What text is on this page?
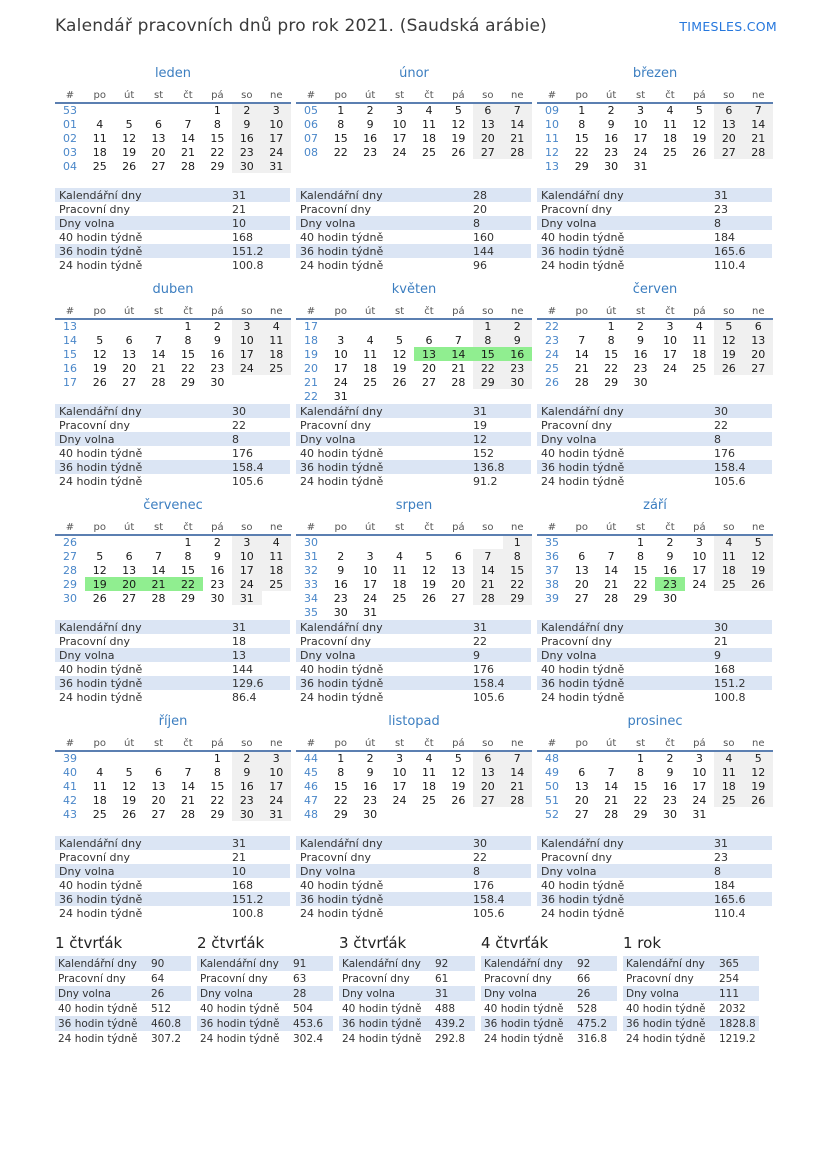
Kalendář pracovních dnů pro rok 2021. (Saudská arábie)	TIMESLES.COM
leden
#	po	út	st	čt	pá	so	ne
53					1	2	3
01	4	5	6	7	8	9	10
02	11	12	13	14	15	16	17
03	18	19	20	21	22	23	24
04	25	26	27	28	29	30	31
Kalendářní dny	31
Pracovní dny	21
Dny volna	10
40 hodin týdně	168
36 hodin týdně	151.2
24 hodin týdně	100.8
únor
#	po	út	st	čt	pá	so	ne
05	1	2	3	4	5	6	7
06	8	9	10	11	12	13	14
07	15	16	17	18	19	20	21
08	22	23	24	25	26	27	28
Kalendářní dny	28
Pracovní dny	20
Dny volna	8
40 hodin týdně	160
36 hodin týdně	144
24 hodin týdně	96
březen
#	po	út	st	čt	pá	so	ne
09	1	2	3	4	5	6	7
10	8	9	10	11	12	13	14
11	15	16	17	18	19	20	21
12	22	23	24	25	26	27	28
13	29	30	31				
Kalendářní dny	31
Pracovní dny	23
Dny volna	8
40 hodin týdně	184
36 hodin týdně	165.6
24 hodin týdně	110.4
duben
#	po	út	st	čt	pá	so	ne
13				1	2	3	4
14	5	6	7	8	9	10	11
15	12	13	14	15	16	17	18
16	19	20	21	22	23	24	25
17	26	27	28	29	30		
Kalendářní dny	30
Pracovní dny	22
Dny volna	8
40 hodin týdně	176
36 hodin týdně	158.4
24 hodin týdně	105.6
květen
#	po	út	st	čt	pá	so	ne
17						1	2
18	3	4	5	6	7	8	9
19	10	11	12	13	14	15	16
20	17	18	19	20	21	22	23
21	24	25	26	27	28	29	30
22	31						
Kalendářní dny	31
Pracovní dny	19
Dny volna	12
40 hodin týdně	152
36 hodin týdně	136.8
24 hodin týdně	91.2
červen
#	po	út	st	čt	pá	so	ne
22		1	2	3	4	5	6
23	7	8	9	10	11	12	13
24	14	15	16	17	18	19	20
25	21	22	23	24	25	26	27
26	28	29	30				
Kalendářní dny	30
Pracovní dny	22
Dny volna	8
40 hodin týdně	176
36 hodin týdně	158.4
24 hodin týdně	105.6
červenec
#	po	út	st	čt	pá	so	ne
26				1	2	3	4
27	5	6	7	8	9	10	11
28	12	13	14	15	16	17	18
29	19	20	21	22	23	24	25
30	26	27	28	29	30	31	
Kalendářní dny	31
Pracovní dny	18
Dny volna	13
40 hodin týdně	144
36 hodin týdně	129.6
24 hodin týdně	86.4
srpen
#	po	út	st	čt	pá	so	ne
30							1
31	2	3	4	5	6	7	8
32	9	10	11	12	13	14	15
33	16	17	18	19	20	21	22
34	23	24	25	26	27	28	29
35	30	31					
Kalendářní dny	31
Pracovní dny	22
Dny volna	9
40 hodin týdně	176
36 hodin týdně	158.4
24 hodin týdně	105.6
září
#	po	út	st	čt	pá	so	ne
35			1	2	3	4	5
36	6	7	8	9	10	11	12
37	13	14	15	16	17	18	19
38	20	21	22	23	24	25	26
39	27	28	29	30			
Kalendářní dny	30
Pracovní dny	21
Dny volna	9
40 hodin týdně	168
36 hodin týdně	151.2
24 hodin týdně	100.8
říjen
#	po	út	st	čt	pá	so	ne
39					1	2	3
40	4	5	6	7	8	9	10
41	11	12	13	14	15	16	17
42	18	19	20	21	22	23	24
43	25	26	27	28	29	30	31
Kalendářní dny	31
Pracovní dny	21
Dny volna	10
40 hodin týdně	168
36 hodin týdně	151.2
24 hodin týdně	100.8
listopad
#	po	út	st	čt	pá	so	ne
44	1	2	3	4	5	6	7
45	8	9	10	11	12	13	14
46	15	16	17	18	19	20	21
47	22	23	24	25	26	27	28
48	29	30					
Kalendářní dny	30
Pracovní dny	22
Dny volna	8
40 hodin týdně	176
36 hodin týdně	158.4
24 hodin týdně	105.6
prosinec
#	po	út	st	čt	pá	so	ne
48			1	2	3	4	5
49	6	7	8	9	10	11	12
50	13	14	15	16	17	18	19
51	20	21	22	23	24	25	26
52	27	28	29	30	31		
Kalendářní dny	31
Pracovní dny	23
Dny volna	8
40 hodin týdně	184
36 hodin týdně	165.6
24 hodin týdně	110.4
1 čtvrťák
Kalendářní dny	90
Pracovní dny	64
Dny volna	26
40 hodin týdně	512
36 hodin týdně	460.8
24 hodin týdně	307.2
2 čtvrťák
Kalendářní dny	91
Pracovní dny	63
Dny volna	28
40 hodin týdně	504
36 hodin týdně	453.6
24 hodin týdně	302.4
3 čtvrťák
Kalendářní dny	92
Pracovní dny	61
Dny volna	31
40 hodin týdně	488
36 hodin týdně	439.2
24 hodin týdně	292.8
4 čtvrťák
Kalendářní dny	92
Pracovní dny	66
Dny volna	26
40 hodin týdně	528
36 hodin týdně	475.2
24 hodin týdně	316.8
1 rok
Kalendářní dny	365
Pracovní dny	254
Dny volna	111
40 hodin týdně	2032
36 hodin týdně	1828.8
24 hodin týdně	1219.2
